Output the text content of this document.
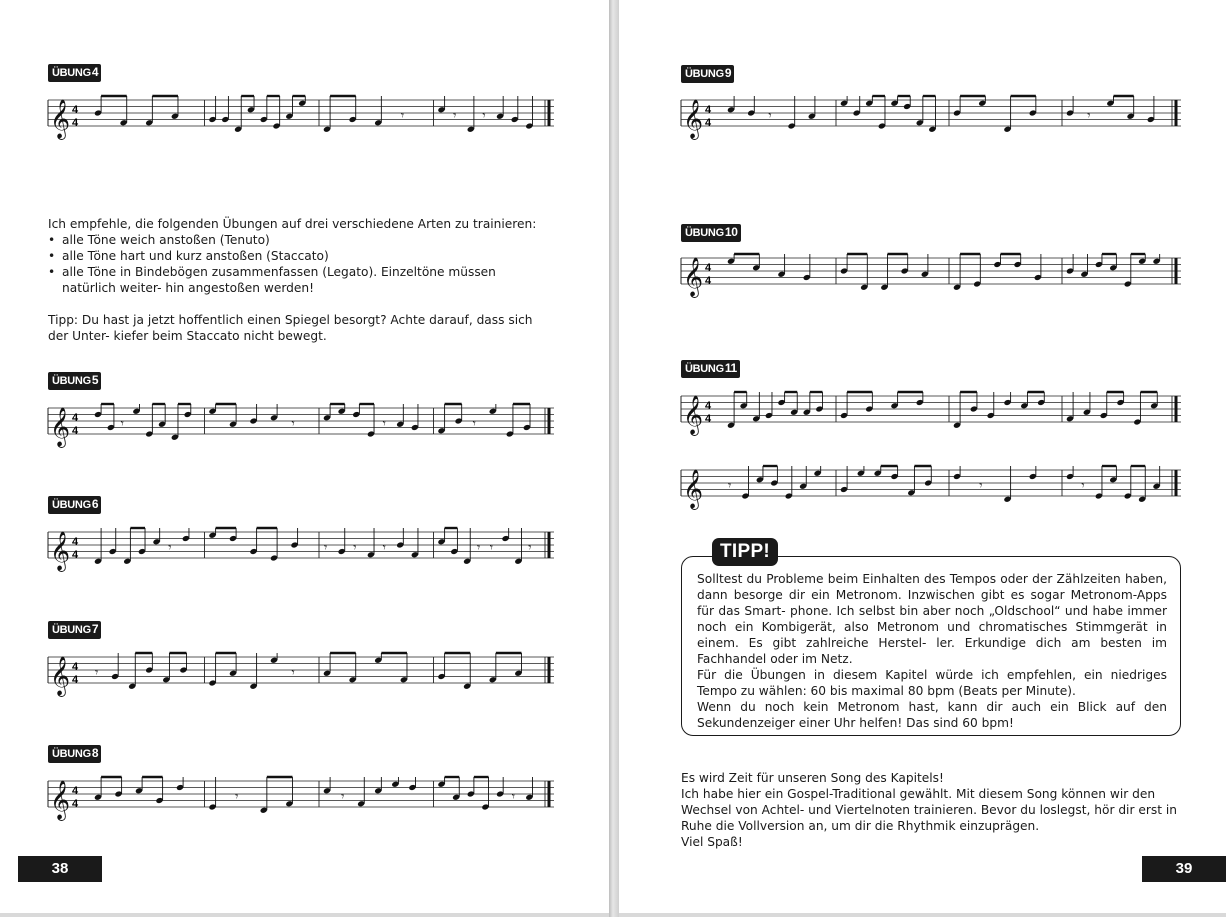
ÜBUNG4
𝄞 4
4
𝄾	𝄾 𝄾
Ich empfehle, die folgenden Übungen auf drei verschiedene Arten zu trainieren:
• alle Töne weich anstoßen (Tenuto)
• alle Töne hart und kurz anstoßen (Staccato)
• alle Töne in Bindebögen zusammenfassen (Legato). Einzeltöne müssen natürlich weiter- hin angestoßen werden!
Tipp: Du hast ja jetzt hoffentlich einen Spiegel besorgt? Achte darauf, dass sich der Unter- kiefer beim Staccato nicht bewegt.
ÜBUNG5
𝄞 4
4
𝄾	𝄾	𝄾	𝄾
ÜBUNG6
𝄞 4
4
𝄾	𝄾 𝄾 𝄾	𝄾 𝄾	𝄾
ÜBUNG7
𝄞 4
4
𝄾	𝄾
ÜBUNG8
𝄞 4
4
𝄾	𝄾	𝄾
38
ÜBUNG9
𝄞 4
4
𝄾	𝄾
ÜBUNG10
𝄞 4
4
ÜBUNG11
𝄞 4
4
𝄞 𝄾	𝄾	𝄾
TIPP!

Solltest du Probleme beim Einhalten des Tempos oder der Zählzeiten haben, dann besorge dir ein Metronom. Inzwischen gibt es sogar Metronom-Apps für das Smart- phone. Ich selbst bin aber noch „Oldschool“ und habe immer noch ein Kombigerät, also Metronom und chromatisches Stimmgerät in einem. Es gibt zahlreiche Herstel- ler. Erkundige dich am besten im Fachhandel oder im Netz.

Für die Übungen in diesem Kapitel würde ich empfehlen, ein niedriges Tempo zu wählen: 60 bis maximal 80 bpm (Beats per Minute).

Wenn du noch kein Metronom hast, kann dir auch ein Blick auf den Sekundenzeiger einer Uhr helfen! Das sind 60 bpm!

Es wird Zeit für unseren Song des Kapitels!
Ich habe hier ein Gospel-Traditional gewählt. Mit diesem Song können wir den Wechsel von Achtel- und Viertelnoten trainieren. Bevor du loslegst, hör dir erst in Ruhe die Vollversion an, um dir die Rhythmik einzuprägen.
Viel Spaß!
39
